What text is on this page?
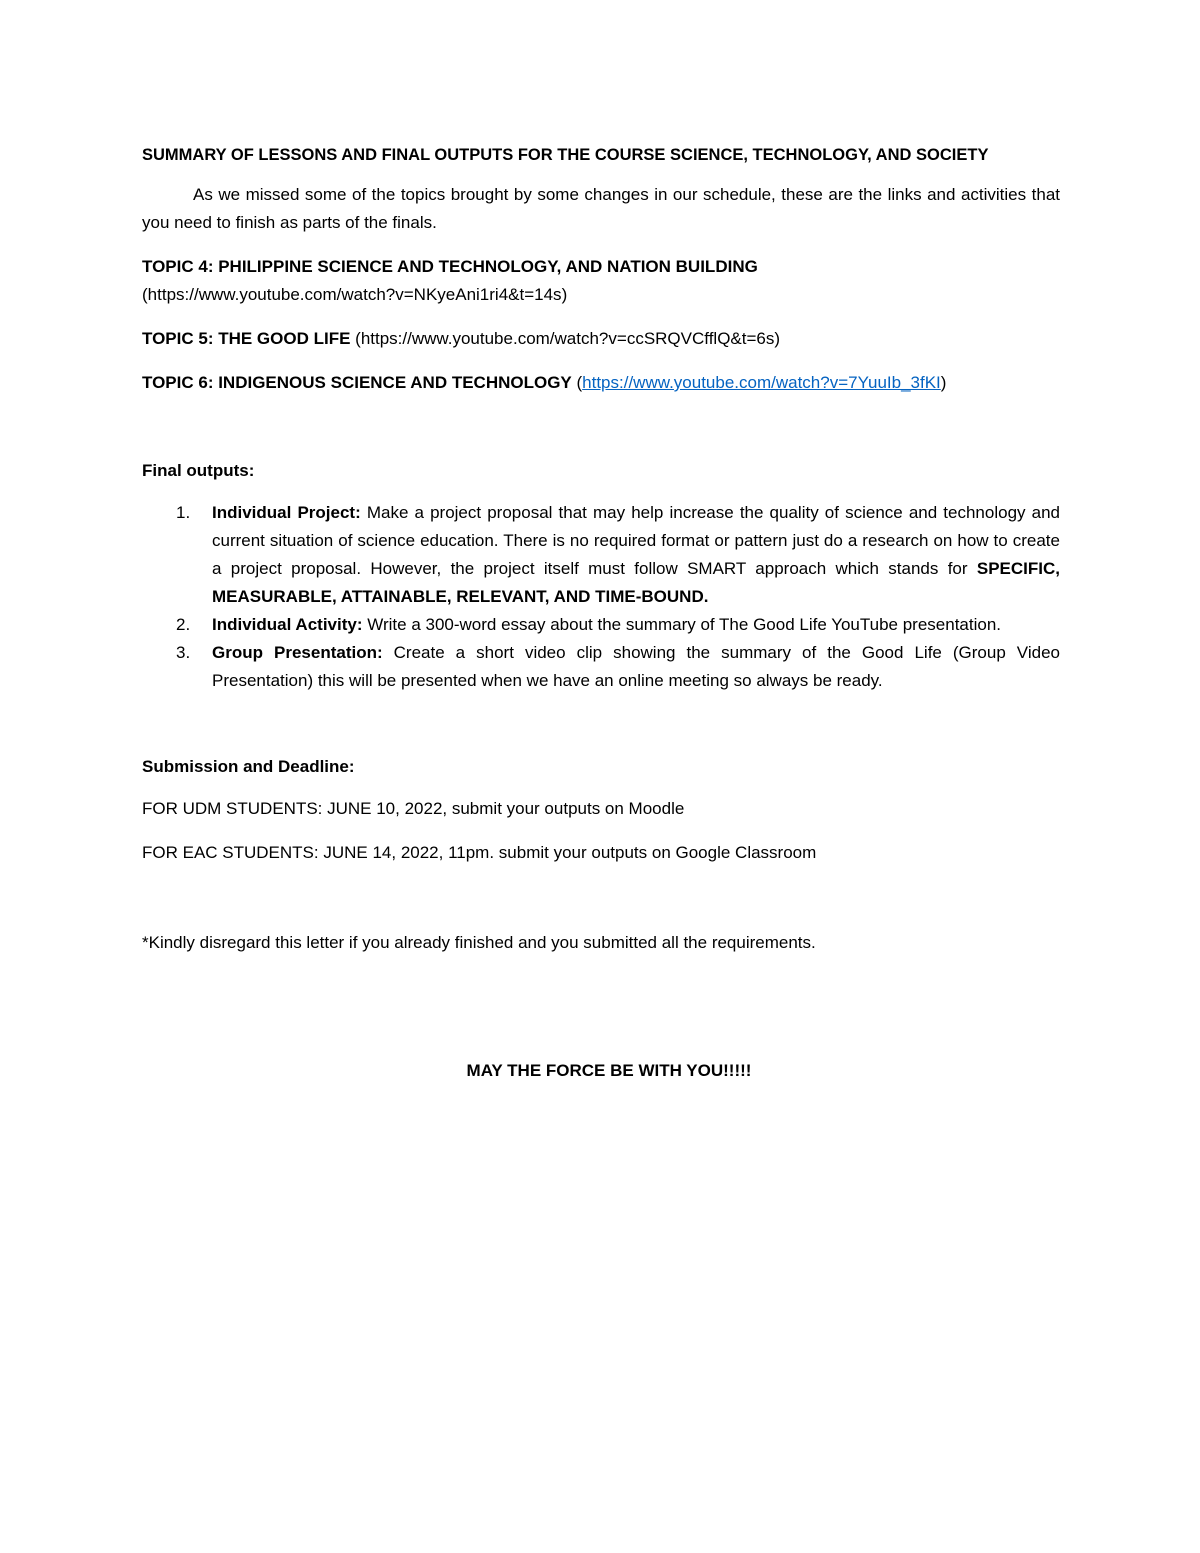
SUMMARY OF LESSONS AND FINAL OUTPUTS FOR THE COURSE SCIENCE, TECHNOLOGY, AND SOCIETY

As we missed some of the topics brought by some changes in our schedule, these are the links and activities that you need to finish as parts of the finals.

TOPIC 4: PHILIPPINE SCIENCE AND TECHNOLOGY, AND NATION BUILDING
(https://www.youtube.com/watch?v=NKyeAni1ri4&t=14s)

TOPIC 5: THE GOOD LIFE (https://www.youtube.com/watch?v=ccSRQVCfflQ&t=6s)

TOPIC 6: INDIGENOUS SCIENCE AND TECHNOLOGY (https://www.youtube.com/watch?v=7YuuIb_3fKI)

Final outputs:

1. Individual Project: Make a project proposal that may help increase the quality of science and technology and current situation of science education. There is no required format or pattern just do a research on how to create a project proposal. However, the project itself must follow SMART approach which stands for SPECIFIC, MEASURABLE, ATTAINABLE, RELEVANT, AND TIME-BOUND.
2. Individual Activity: Write a 300-word essay about the summary of The Good Life YouTube presentation.
3. Group Presentation: Create a short video clip showing the summary of the Good Life (Group Video Presentation) this will be presented when we have an online meeting so always be ready.

Submission and Deadline:

FOR UDM STUDENTS: JUNE 10, 2022, submit your outputs on Moodle

FOR EAC STUDENTS: JUNE 14, 2022, 11pm. submit your outputs on Google Classroom

*Kindly disregard this letter if you already finished and you submitted all the requirements.

MAY THE FORCE BE WITH YOU!!!!!
